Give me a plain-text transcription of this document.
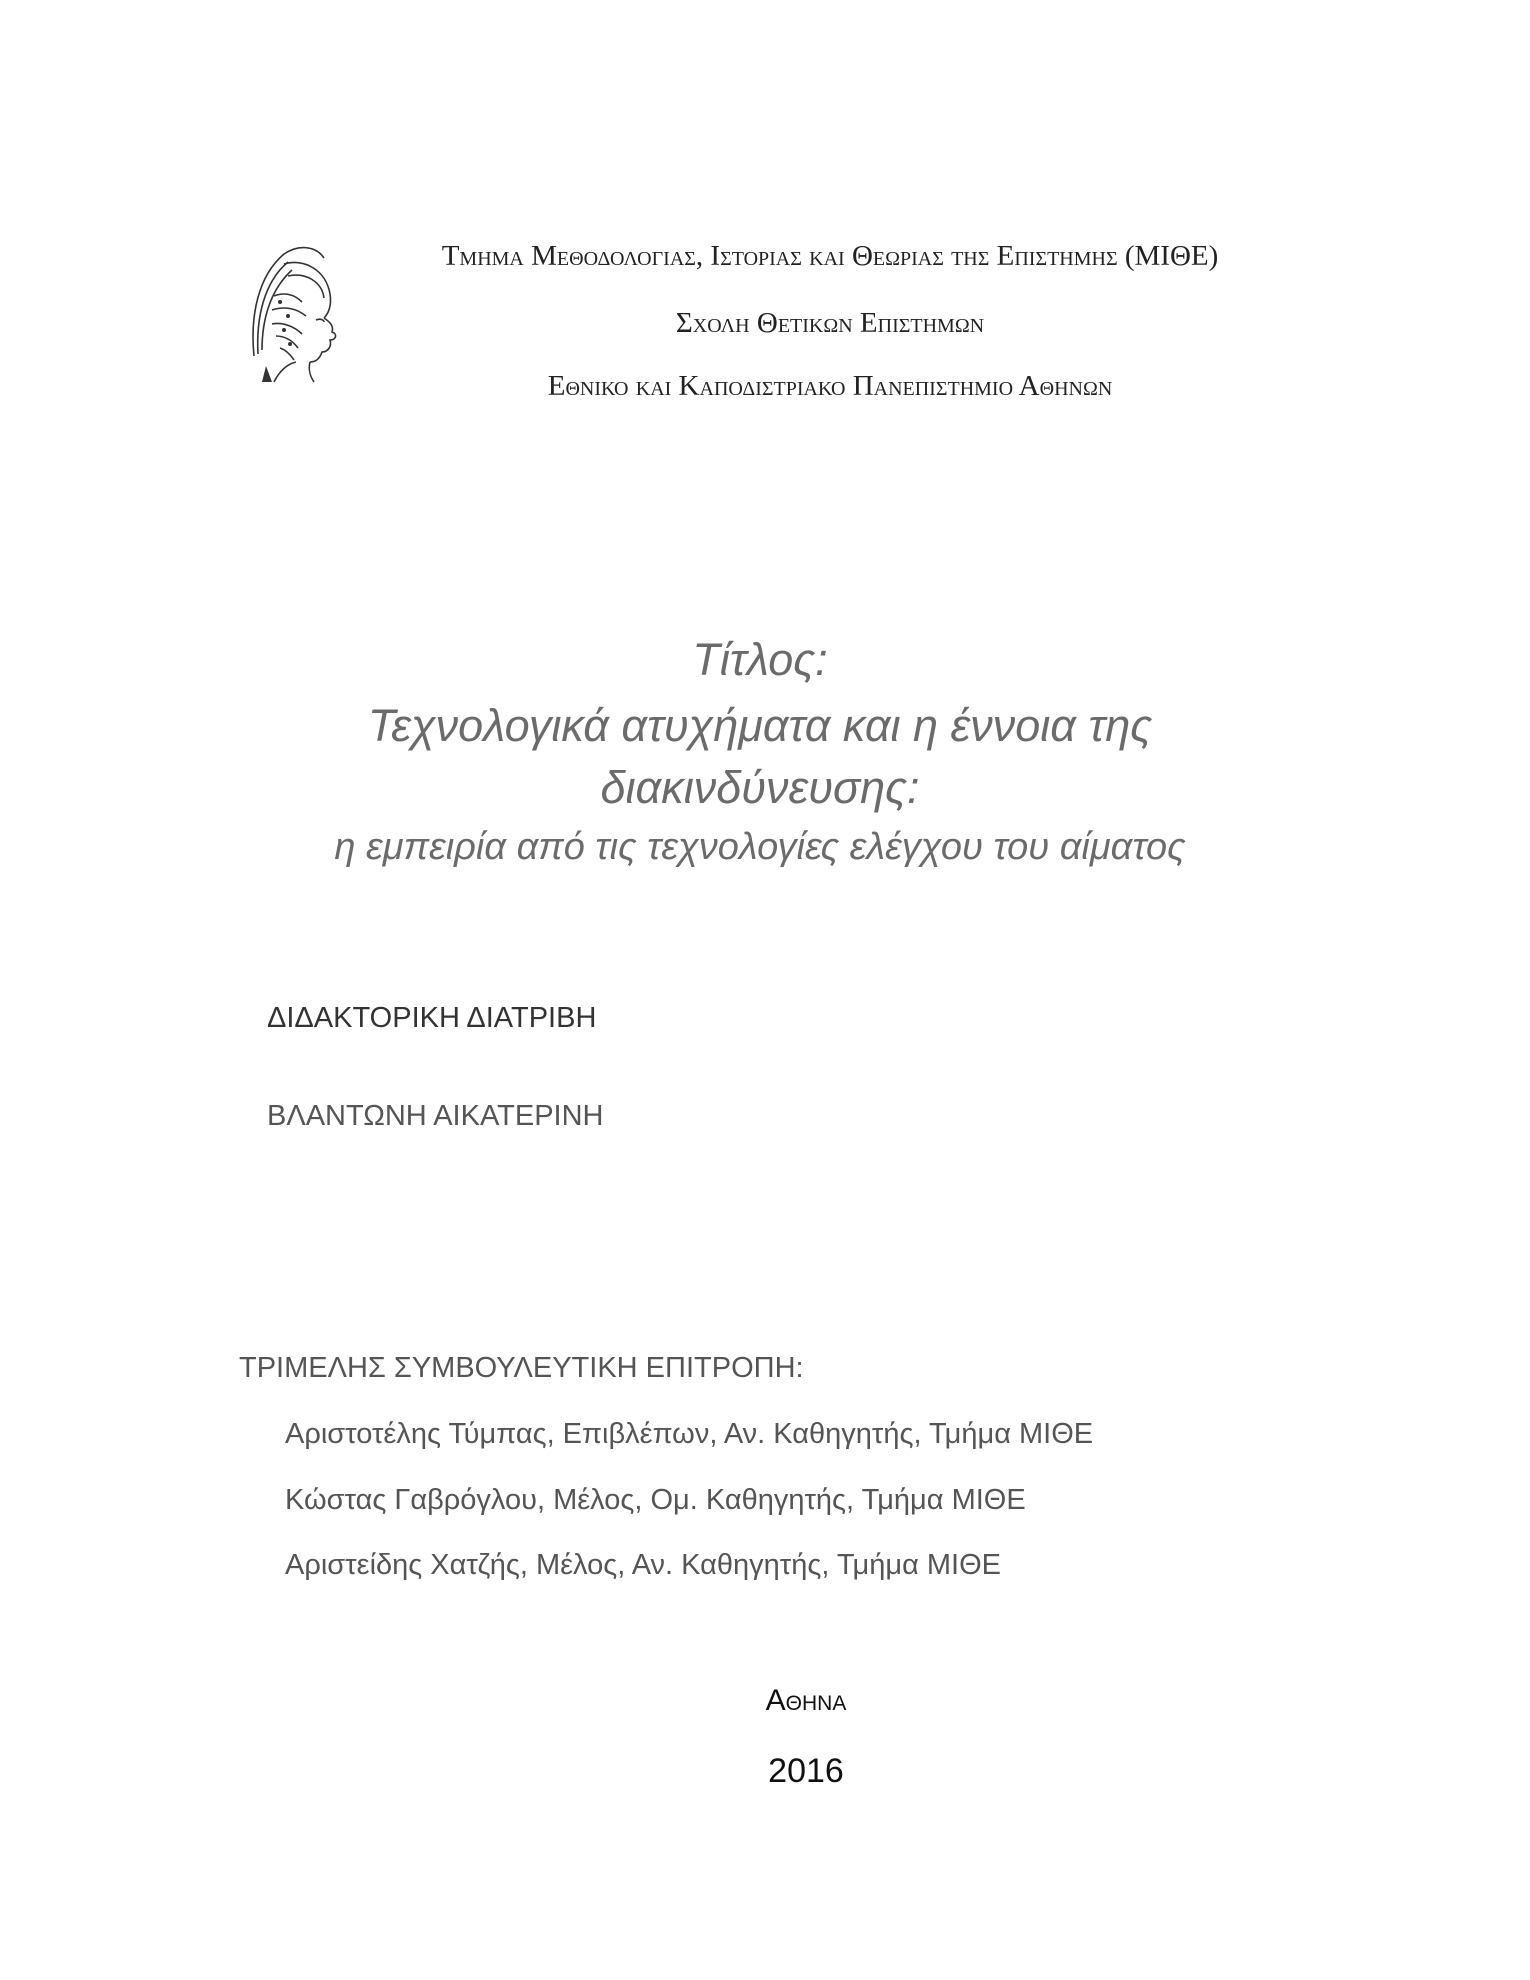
Τμημα Μεθοδολογιας, Ιστοριας και Θεωριας της Επιστημης (ΜΙΘΕ)
Σχολη Θετικων Επιστημων
Εθνικο και Καποδιστριακο Πανεπιστημιο Αθηνων
Τίτλος:
Τεχνολογικά ατυχήματα και η έννοια της
διακινδύνευσης:
η εμπειρία από τις τεχνολογίες ελέγχου του αίματος
ΔΙΔΑΚΤΟΡΙΚΗ ΔΙΑΤΡΙΒΗ
ΒΛΑΝΤΩΝΗ ΑΙΚΑΤΕΡΙΝΗ
ΤΡΙΜΕΛΗΣ ΣΥΜΒΟΥΛΕΥΤΙΚΗ ΕΠΙΤΡΟΠΗ:
Αριστοτέλης Τύμπας, Επιβλέπων, Αν. Καθηγητής, Τμήμα ΜΙΘΕ
Κώστας Γαβρόγλου, Μέλος, Ομ. Καθηγητής, Τμήμα ΜΙΘΕ
Αριστείδης Χατζής, Μέλος, Αν. Καθηγητής, Τμήμα ΜΙΘΕ
Αθηνα
2016
